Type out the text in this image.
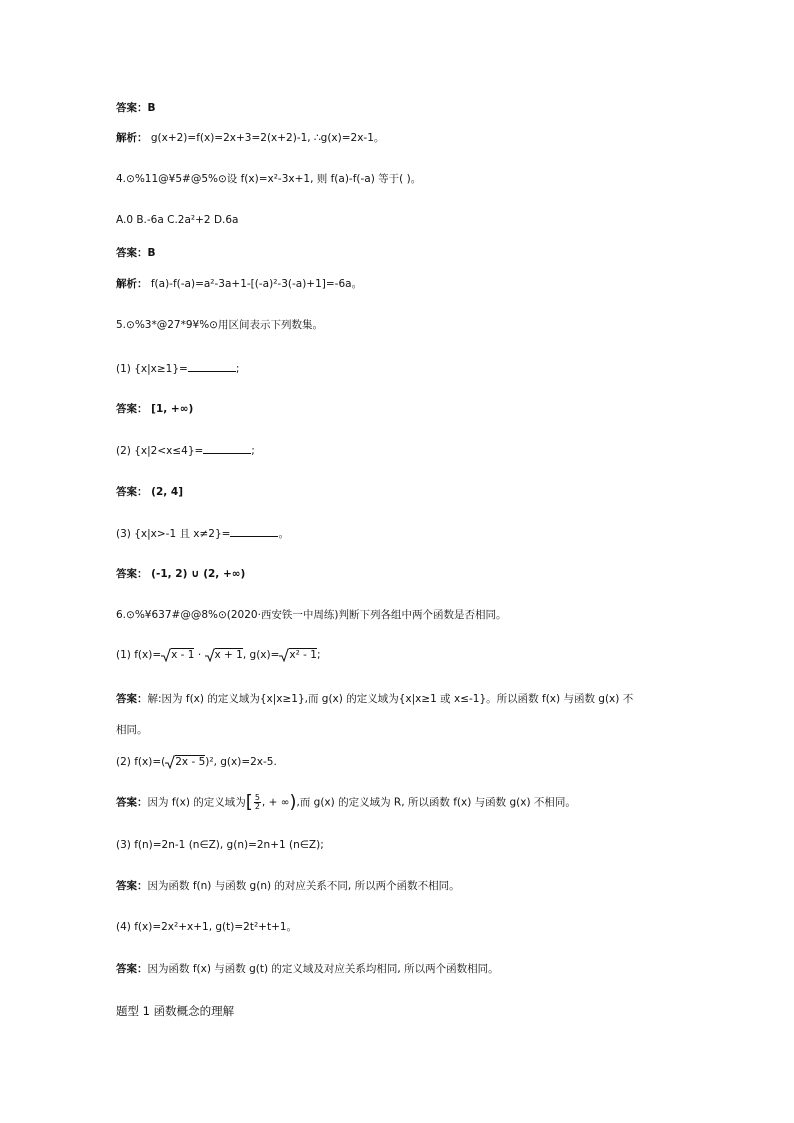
答案：B
解析： g(x+2)=f(x)=2x+3=2(x+2)-1, ∴g(x)=2x-1。
4.⊙%11@¥5#@5%⊙设 f(x)=x²-3x+1, 则 f(a)-f(-a) 等于( )。
A.0 B.-6a C.2a²+2 D.6a
答案：B
解析： f(a)-f(-a)=a²-3a+1-[(-a)²-3(-a)+1]=-6a。
5.⊙%3*@27*9¥%⊙用区间表示下列数集。
(1) {x|x≥1}=	;
答案： [1, +∞)
(2) {x|2<x≤4}=	;
答案： (2, 4]
(3) {x|x>-1 且 x≠2}=	。
答案： (-1, 2) ∪ (2, +∞)
6.⊙%¥637#@@8%⊙(2020·西安铁一中周练)判断下列各组中两个函数是否相同。
(1) f(x)= x - 1 · x + 1, g(x)= x² - 1;
答案：解:因为 f(x) 的定义域为{x|x≥1},而 g(x) 的定义域为{x|x≥1 或 x≤-1}。所以函数 f(x) 与函数 g(x) 不
相同。
(2) f(x)=( 2x - 5)², g(x)=2x-5.
答案：因为 f(x) 的定义域为[ $\frac{5}{2}$ , + ∞),而 g(x) 的定义域为 R, 所以函数 f(x) 与函数 g(x) 不相同。
(3) f(n)=2n-1 (n∈Z), g(n)=2n+1 (n∈Z);
答案：因为函数 f(n) 与函数 g(n) 的对应关系不同, 所以两个函数不相同。
(4) f(x)=2x²+x+1, g(t)=2t²+t+1。
答案：因为函数 f(x) 与函数 g(t) 的定义域及对应关系均相同, 所以两个函数相同。
题型 1 函数概念的理解
